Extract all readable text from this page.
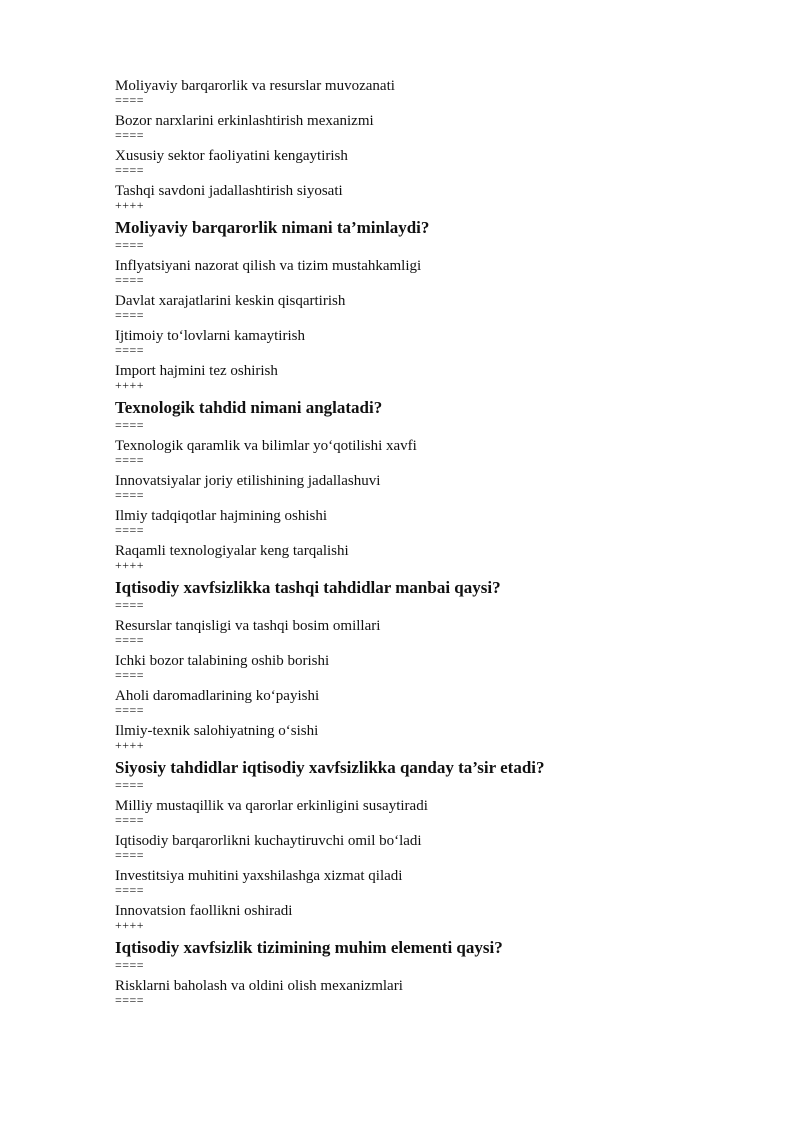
Moliyaviy barqarorlik va resurslar muvozanati
====
Bozor narxlarini erkinlashtirish mexanizmi
====
Xususiy sektor faoliyatini kengaytirish
====
Tashqi savdoni jadallashtirish siyosati
++++
Moliyaviy barqarorlik nimani ta’minlaydi?
====
Inflyatsiyani nazorat qilish va tizim mustahkamligi
====
Davlat xarajatlarini keskin qisqartirish
====
Ijtimoiy to‘lovlarni kamaytirish
====
Import hajmini tez oshirish
++++
Texnologik tahdid nimani anglatadi?
====
Texnologik qaramlik va bilimlar yo‘qotilishi xavfi
====
Innovatsiyalar joriy etilishining jadallashuvi
====
Ilmiy tadqiqotlar hajmining oshishi
====
Raqamli texnologiyalar keng tarqalishi
++++
Iqtisodiy xavfsizlikka tashqi tahdidlar manbai qaysi?
====
Resurslar tanqisligi va tashqi bosim omillari
====
Ichki bozor talabining oshib borishi
====
Aholi daromadlarining ko‘payishi
====
Ilmiy-texnik salohiyatning o‘sishi
++++
Siyosiy tahdidlar iqtisodiy xavfsizlikka qanday ta’sir etadi?
====
Milliy mustaqillik va qarorlar erkinligini susaytiradi
====
Iqtisodiy barqarorlikni kuchaytiruvchi omil bo‘ladi
====
Investitsiya muhitini yaxshilashga xizmat qiladi
====
Innovatsion faollikni oshiradi
++++
Iqtisodiy xavfsizlik tizimining muhim elementi qaysi?
====
Risklarni baholash va oldini olish mexanizmlari
====
